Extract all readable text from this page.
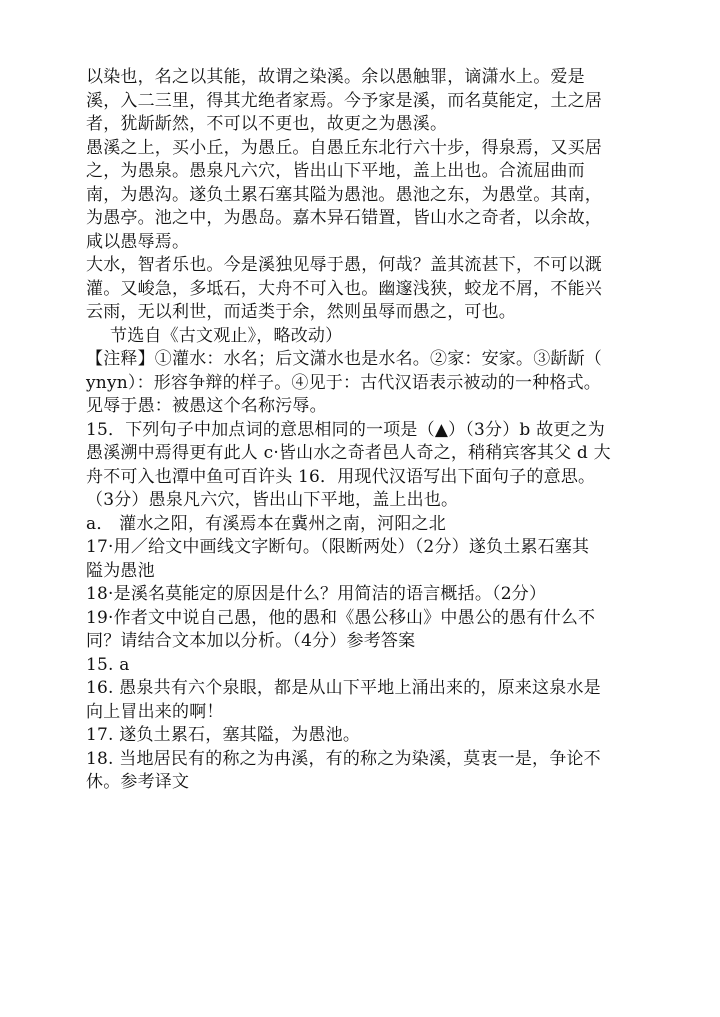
以染也，名之以其能，故谓之染溪。余以愚触罪，谪潇水上。爱是
溪，入二三里，得其尤绝者家焉。今予家是溪，而名莫能定，土之居
者，犹龂龂然，不可以不更也，故更之为愚溪。
愚溪之上，买小丘，为愚丘。自愚丘东北行六十步，得泉焉，又买居
之，为愚泉。愚泉凡六穴，皆出山下平地，盖上出也。合流屈曲而
南，为愚沟。遂负土累石塞其隘为愚池。愚池之东，为愚堂。其南，
为愚亭。池之中，为愚岛。嘉木异石错置，皆山水之奇者，以余故，
咸以愚辱焉。
大水，智者乐也。今是溪独见辱于愚，何哉？盖其流甚下，不可以溉
灌。又峻急，多坻石，大舟不可入也。幽邃浅狭，蛟龙不屑，不能兴
云雨，无以利世，而适类于余，然则虽辱而愚之，可也。
节选自《古文观止》，略改动）
【注释】①灌水：水名；后文潇水也是水名。②家：安家。③龂龂（
ynyn）：形容争辩的样子。④见于：古代汉语表示被动的一种格式。
见辱于愚：被愚这个名称污辱。
15．下列句子中加点词的意思相同的一项是（▲）（3分）b 故更之为
愚溪溯中焉得更有此人 c·皆山水之奇者邑人奇之，稍稍宾客其父 d 大
舟不可入也潭中鱼可百许头 16．用现代汉语写出下面句子的意思。
（3分）愚泉凡六穴，皆出山下平地，盖上出也。
a． 灌水之阳，有溪焉本在冀州之南，河阳之北
17·用／给文中画线文字断句。（限断两处）（2分）遂负土累石塞其
隘为愚池
18·是溪名莫能定的原因是什么？用简洁的语言概括。（2分）
19·作者文中说自己愚，他的愚和《愚公移山》中愚公的愚有什么不
同？请结合文本加以分析。（4分）参考答案
15. a
16. 愚泉共有六个泉眼，都是从山下平地上涌出来的，原来这泉水是
向上冒出来的啊！
17. 遂负土累石，塞其隘，为愚池。
18. 当地居民有的称之为冉溪，有的称之为染溪，莫衷一是，争论不
休。参考译文
